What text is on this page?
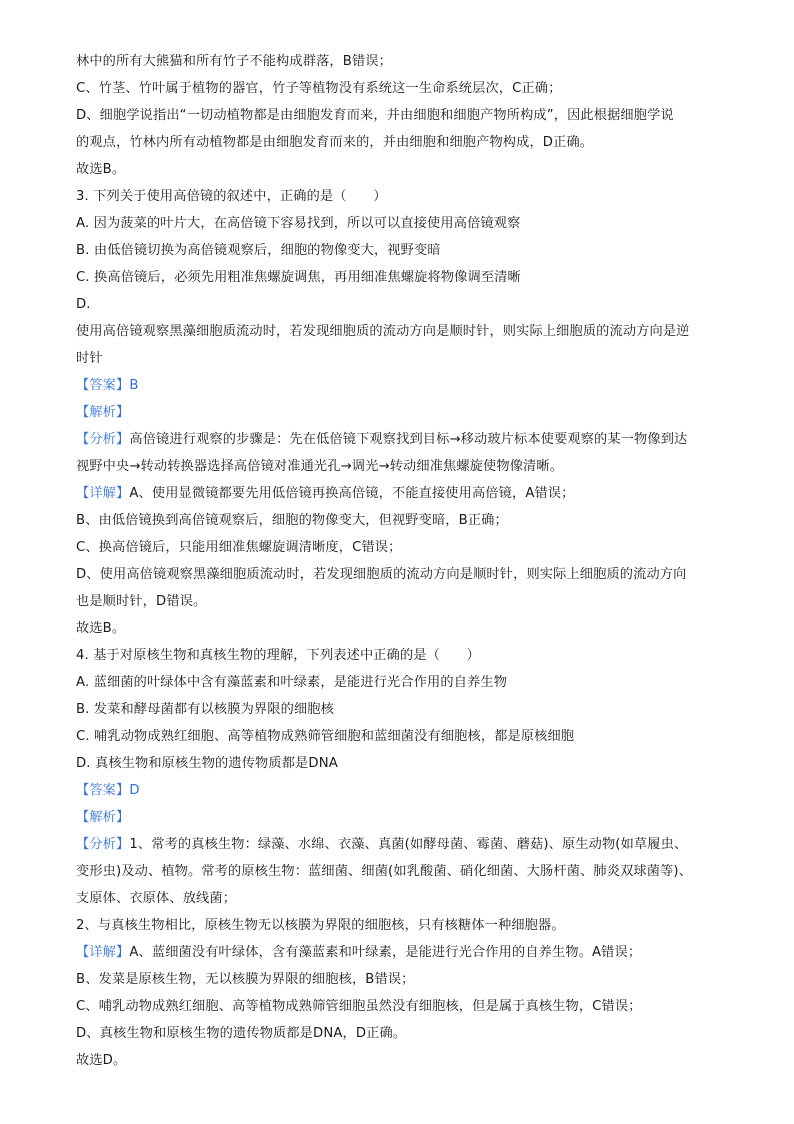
林中的所有大熊猫和所有竹子不能构成群落，B错误；
C、竹茎、竹叶属于植物的器官，竹子等植物没有系统这一生命系统层次，C正确；
D、细胞学说指出“一切动植物都是由细胞发育而来，并由细胞和细胞产物所构成”，因此根据细胞学说
的观点，竹林内所有动植物都是由细胞发育而来的，并由细胞和细胞产物构成，D正确。
故选B。
3. 下列关于使用高倍镜的叙述中，正确的是（　　）
A. 因为菠菜的叶片大，在高倍镜下容易找到，所以可以直接使用高倍镜观察
B. 由低倍镜切换为高倍镜观察后，细胞的物像变大，视野变暗
C. 换高倍镜后，必须先用粗准焦螺旋调焦，再用细准焦螺旋将物像调至清晰
D.
使用高倍镜观察黑藻细胞质流动时，若发现细胞质的流动方向是顺时针，则实际上细胞质的流动方向是逆
时针
【答案】B
【解析】
【分析】高倍镜进行观察的步骤是：先在低倍镜下观察找到目标→移动玻片标本使要观察的某一物像到达
视野中央→转动转换器选择高倍镜对准通光孔→调光→转动细准焦螺旋使物像清晰。
【详解】A、使用显微镜都要先用低倍镜再换高倍镜，不能直接使用高倍镜，A错误；
B、由低倍镜换到高倍镜观察后，细胞的物像变大，但视野变暗，B正确；
C、换高倍镜后，只能用细准焦螺旋调清晰度，C错误；
D、使用高倍镜观察黑藻细胞质流动时，若发现细胞质的流动方向是顺时针，则实际上细胞质的流动方向
也是顺时针，D错误。
故选B。
4. 基于对原核生物和真核生物的理解，下列表述中正确的是（　　）
A. 蓝细菌的叶绿体中含有藻蓝素和叶绿素，是能进行光合作用的自养生物
B. 发菜和酵母菌都有以核膜为界限的细胞核
C. 哺乳动物成熟红细胞、高等植物成熟筛管细胞和蓝细菌没有细胞核，都是原核细胞
D. 真核生物和原核生物的遗传物质都是DNA
【答案】D
【解析】
【分析】1、常考的真核生物：绿藻、水绵、衣藻、真菌(如酵母菌、霉菌、蘑菇)、原生动物(如草履虫、
变形虫)及动、植物。常考的原核生物：蓝细菌、细菌(如乳酸菌、硝化细菌、大肠杆菌、肺炎双球菌等)、
支原体、衣原体、放线菌；
2、与真核生物相比，原核生物无以核膜为界限的细胞核，只有核糖体一种细胞器。
【详解】A、蓝细菌没有叶绿体，含有藻蓝素和叶绿素，是能进行光合作用的自养生物。A错误；
B、发菜是原核生物，无以核膜为界限的细胞核，B错误；
C、哺乳动物成熟红细胞、高等植物成熟筛管细胞虽然没有细胞核，但是属于真核生物，C错误；
D、真核生物和原核生物的遗传物质都是DNA，D正确。
故选D。
